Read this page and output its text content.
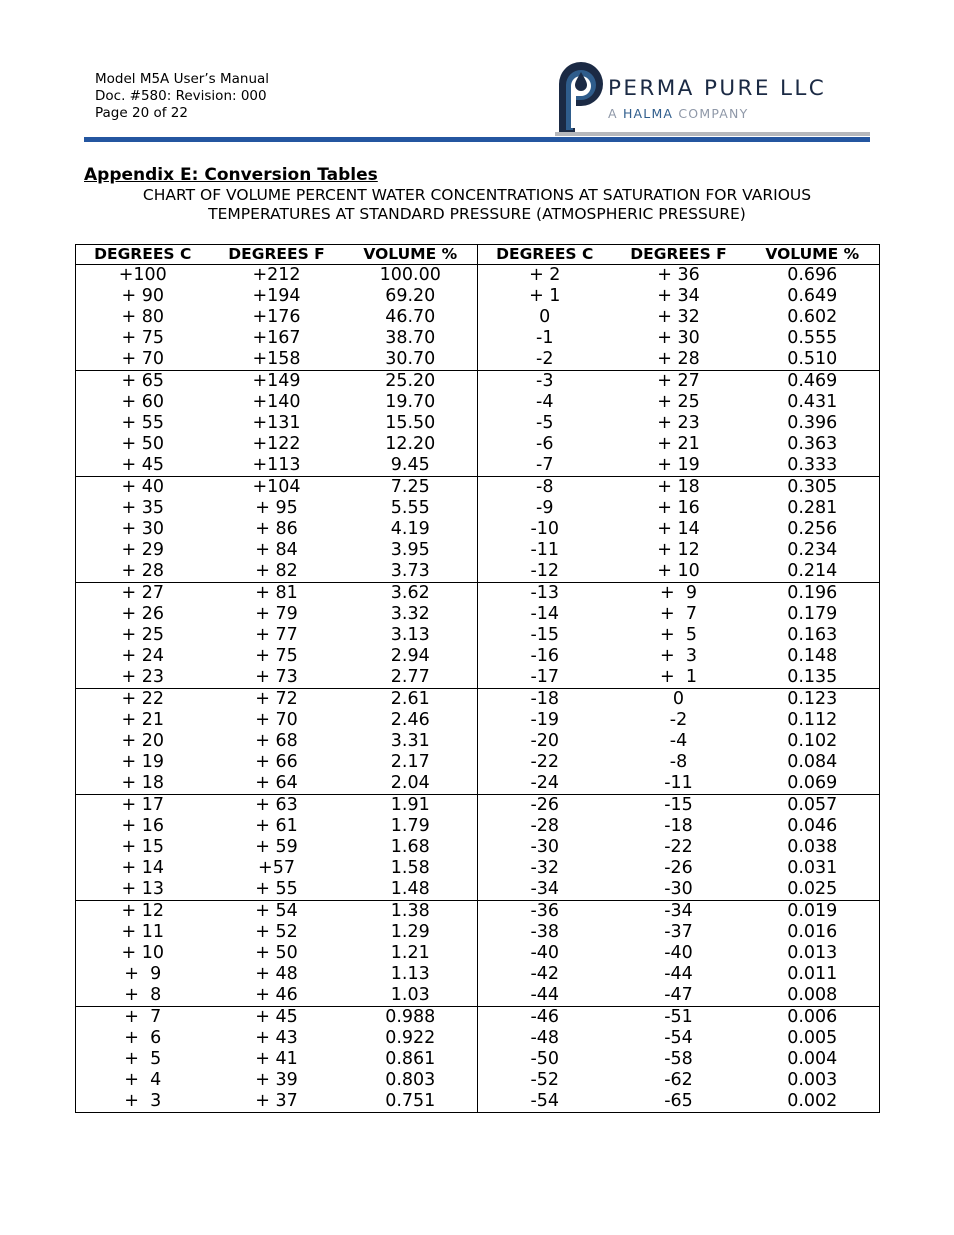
Model M5A User’s Manual
Doc. #580: Revision: 000
Page 20 of 22
PERMA PURE LLC
A HALMA COMPANY
Appendix E: Conversion Tables
CHART OF VOLUME PERCENT WATER CONCENTRATIONS AT SATURATION FOR VARIOUS
TEMPERATURES AT STANDARD PRESSURE (ATMOSPHERIC PRESSURE)
DEGREES C	DEGREES F	VOLUME %	DEGREES C	DEGREES F	VOLUME %
+100	+212	100.00	+ 2	+ 36	0.696
+ 90	+194	69.20	+ 1	+ 34	0.649
+ 80	+176	46.70	0	+ 32	0.602
+ 75	+167	38.70	-1	+ 30	0.555
+ 70	+158	30.70	-2	+ 28	0.510
+ 65	+149	25.20	-3	+ 27	0.469
+ 60	+140	19.70	-4	+ 25	0.431
+ 55	+131	15.50	-5	+ 23	0.396
+ 50	+122	12.20	-6	+ 21	0.363
+ 45	+113	9.45	-7	+ 19	0.333
+ 40	+104	7.25	-8	+ 18	0.305
+ 35	+ 95	5.55	-9	+ 16	0.281
+ 30	+ 86	4.19	-10	+ 14	0.256
+ 29	+ 84	3.95	-11	+ 12	0.234
+ 28	+ 82	3.73	-12	+ 10	0.214
+ 27	+ 81	3.62	-13	+  9	0.196
+ 26	+ 79	3.32	-14	+  7	0.179
+ 25	+ 77	3.13	-15	+  5	0.163
+ 24	+ 75	2.94	-16	+  3	0.148
+ 23	+ 73	2.77	-17	+  1	0.135
+ 22	+ 72	2.61	-18	0	0.123
+ 21	+ 70	2.46	-19	-2	0.112
+ 20	+ 68	3.31	-20	-4	0.102
+ 19	+ 66	2.17	-22	-8	0.084
+ 18	+ 64	2.04	-24	-11	0.069
+ 17	+ 63	1.91	-26	-15	0.057
+ 16	+ 61	1.79	-28	-18	0.046
+ 15	+ 59	1.68	-30	-22	0.038
+ 14	+57	1.58	-32	-26	0.031
+ 13	+ 55	1.48	-34	-30	0.025
+ 12	+ 54	1.38	-36	-34	0.019
+ 11	+ 52	1.29	-38	-37	0.016
+ 10	+ 50	1.21	-40	-40	0.013
+  9	+ 48	1.13	-42	-44	0.011
+  8	+ 46	1.03	-44	-47	0.008
+  7	+ 45	0.988	-46	-51	0.006
+  6	+ 43	0.922	-48	-54	0.005
+  5	+ 41	0.861	-50	-58	0.004
+  4	+ 39	0.803	-52	-62	0.003
+  3	+ 37	0.751	-54	-65	0.002
